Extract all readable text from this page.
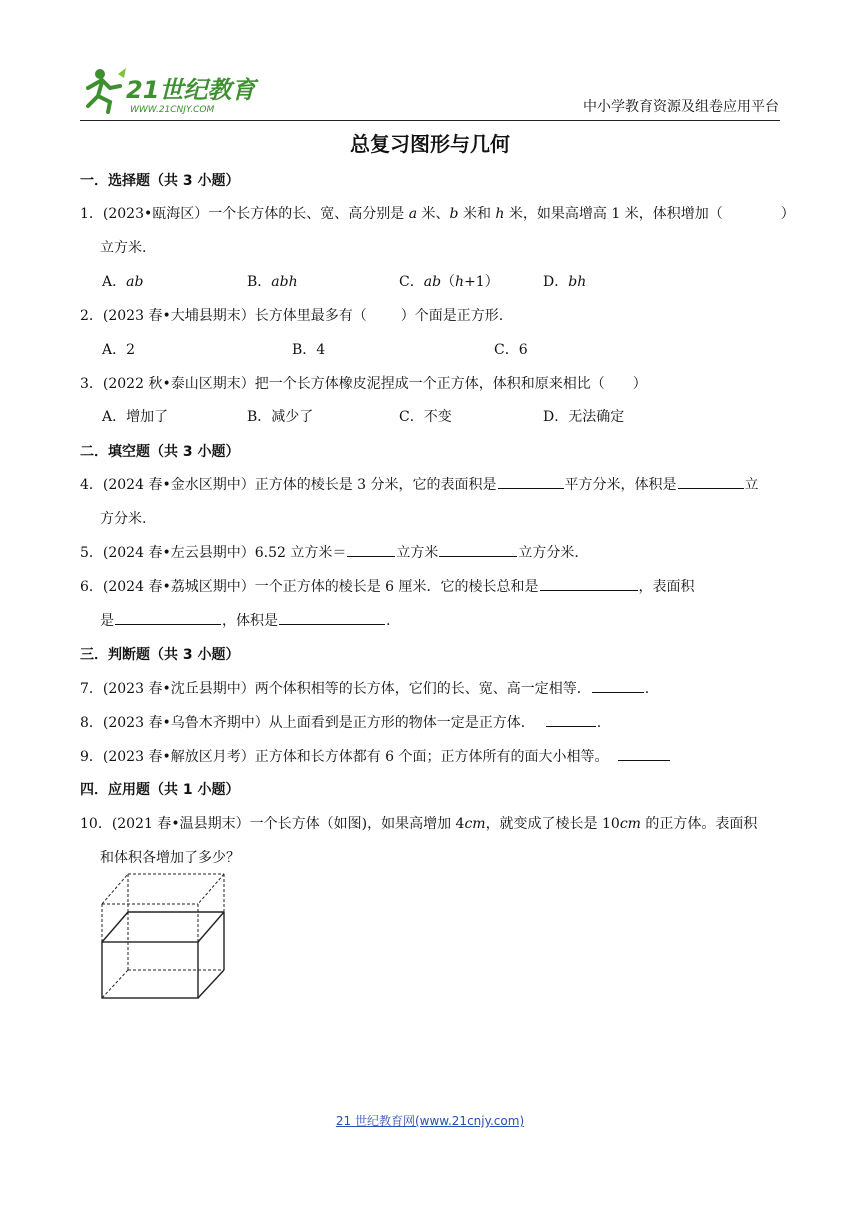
21世纪教育
WWW.21CNJY.COM	中小学教育资源及组卷应用平台
总复习图形与几何
一．选择题（共 3 小题）
1．(2023•瓯海区）一个长方体的长、宽、高分别是 a 米、b 米和 h 米，如果高增高 1 米，体积增加（	）
立方米.
A．ab	B．abh	C．ab（h+1）	D．bh
2．(2023 春•大埔县期末）长方体里最多有（ ）个面是正方形.
A．2	B．4	C．6
3．(2022 秋•泰山区期末）把一个长方体橡皮泥捏成一个正方体，体积和原来相比（ ）
A．增加了	B．减少了	C．不变	D．无法确定
二．填空题（共 3 小题）
4．(2024 春•金水区期中）正方体的棱长是 3 分米，它的表面积是	平方分米，体积是	立
方分米.
5．(2024 春•左云县期中）6.52 立方米＝	立方米	立方分米.
6．(2024 春•荔城区期中）一个正方体的棱长是 6 厘米．它的棱长总和是	，表面积
是	，体积是	.
三．判断题（共 3 小题）
7．(2023 春•沈丘县期中）两个体积相等的长方体，它们的长、宽、高一定相等．	.
8．(2023 春•乌鲁木齐期中）从上面看到是正方形的物体一定是正方体．	.
9．(2023 春•解放区月考）正方体和长方体都有 6 个面；正方体所有的面大小相等。
四．应用题（共 1 小题）
10．(2021 春•温县期末）一个长方体（如图)，如果高增加 4cm，就变成了棱长是 10cm 的正方体。表面积
和体积各增加了多少？
21 世纪教育网(www.21cnjy.com)
